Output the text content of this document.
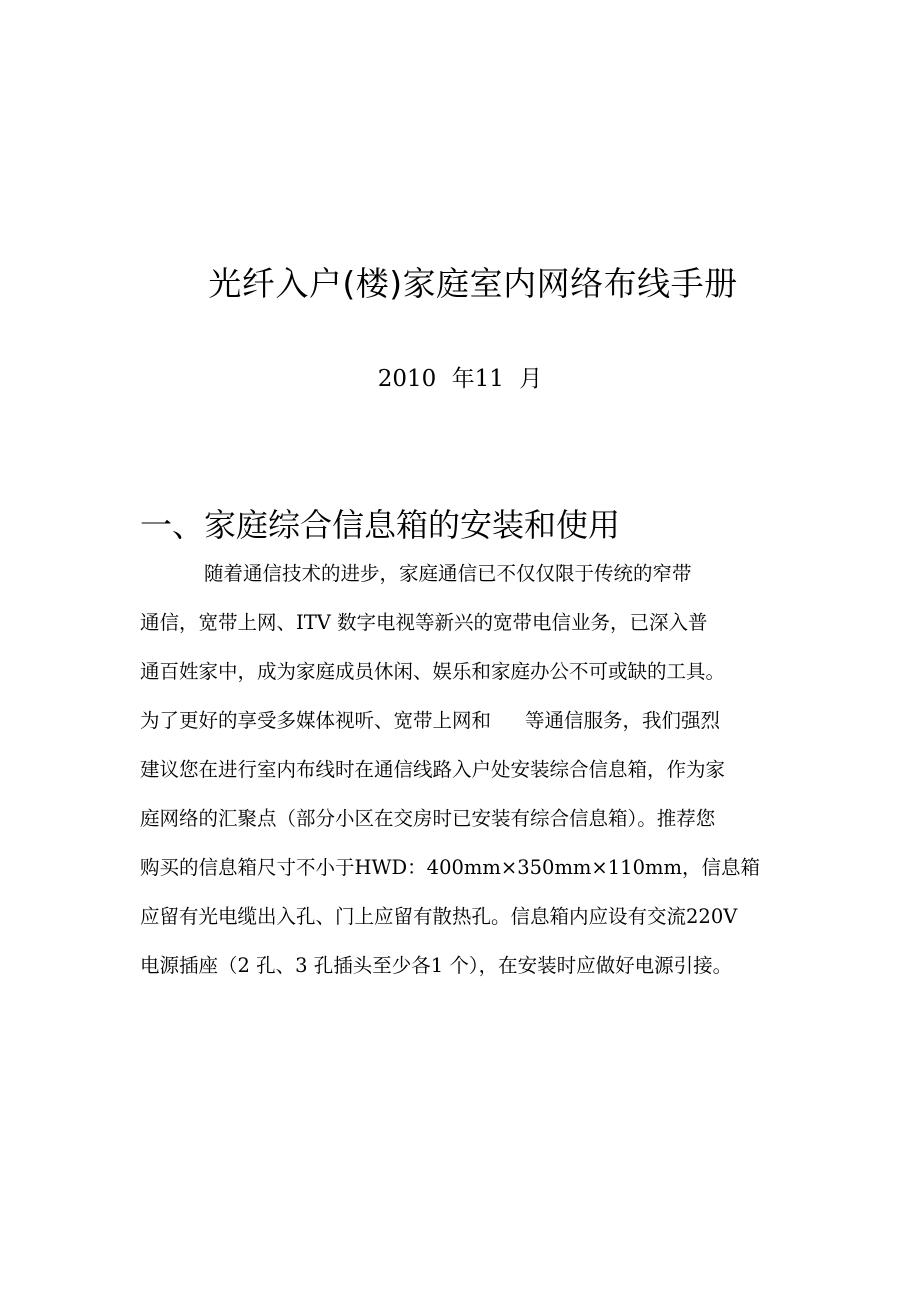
光纤入户(楼)家庭室内网络布线手册
2010 年11 月
一、家庭综合信息箱的安装和使用
随着通信技术的进步，家庭通信已不仅仅限于传统的窄带
通信，宽带上网、ITV 数字电视等新兴的宽带电信业务，已深入普
通百姓家中，成为家庭成员休闲、娱乐和家庭办公不可或缺的工具。
为了更好的享受多媒体视听、宽带上网和 等通信服务，我们强烈
建议您在进行室内布线时在通信线路入户处安装综合信息箱，作为家
庭网络的汇聚点（部分小区在交房时已安装有综合信息箱）。推荐您
购买的信息箱尺寸不小于HWD：400mm×350mm×110mm，信息箱
应留有光电缆出入孔、门上应留有散热孔。信息箱内应设有交流220V
电源插座（2 孔、3 孔插头至少各1 个），在安装时应做好电源引接。
